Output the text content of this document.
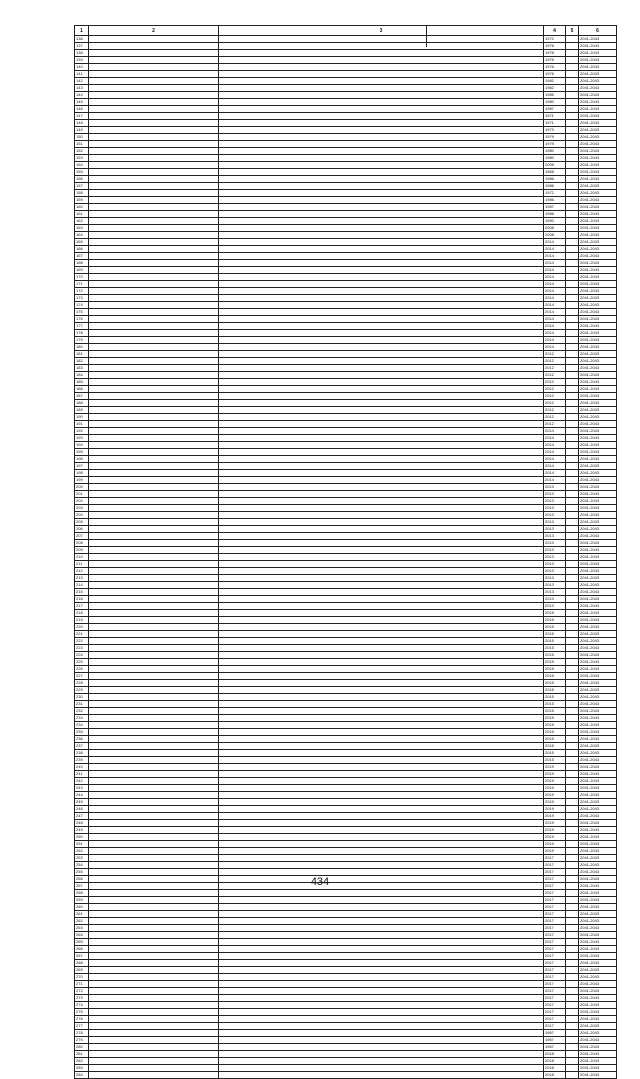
1	2	3	4	5	6
136			1972		2041-2043
137			1976		2041-2043
138			1978		2041-2043
139			1976		2041-2043
140			1976		2041-2043
141			1976		2041-2043
142			1982		2041-2043
143			1982		2041-2043
144			1985		2041-2043
145			1980		2041-2043
146			1987		2041-2043
147			1971		2041-2043
148			1971		2041-2043
149			1973		2041-2043
150			1979		2041-2043
151			1979		2041-2043
152			1980		2041-2043
153			1980		2041-2043
154			2005		2041-2043
155			1968		2041-2043
156			1986		2041-2043
157			1986		2041-2043
158			1972		2041-2043
159			1986		2041-2043
160			1987		2041-2043
161			1986		2041-2043
162			1990		2041-2043
163			2008		2041-2043
164			2008		2041-2043
165			2014		2041-2043
166			2014		2041-2043
167			2014		2041-2043
168			2014		2041-2043
169			2014		2041-2043
170			2014		2041-2043
171			2014		2041-2043
172			2014		2041-2043
173			2014		2041-2043
174			2014		2041-2043
175			2014		2041-2043
176			2014		2041-2043
177			2014		2041-2043
178			2014		2041-2043
179			2014		2041-2043
180			2014		2041-2043
181			2012		2041-2043
182			2012		2041-2043
183			2012		2041-2043
184			2012		2041-2043
185			2012		2041-2043
186			2012		2041-2043
187			2012		2041-2043
188			2012		2041-2043
189			2012		2041-2043
190			2012		2041-2043
191			2012		2041-2043
192			2014		2041-2043
193			2014		2041-2043
194			2014		2041-2043
195			2014		2041-2043
196			2014		2041-2043
197			2014		2041-2043
198			2014		2041-2043
199			2014		2041-2043
200			2013		2041-2043
201			2013		2041-2043
202			2013		2041-2043
203			2013		2041-2043
204			2013		2041-2043
205			2013		2041-2043
206			2013		2041-2043
207			2013		2041-2043
208			2013		2041-2043
209			2013		2041-2043
210			2013		2041-2043
211			2013		2041-2043
212			2013		2041-2043
213			2013		2041-2043
214			2013		2041-2043
215			2013		2041-2043
216			2013		2041-2043
217			2013		2041-2043
218			2015		2041-2043
219			2015		2041-2043
220			2015		2041-2043
221			2015		2041-2043
222			2015		2041-2043
223			2015		2041-2043
224			2015		2041-2043
225			2015		2041-2043
226			2015		2041-2043
227			2015		2041-2043
228			2015		2041-2043
229			2015		2041-2043
230			2015		2041-2043
231			2015		2041-2043
232			2015		2041-2043
233			2015		2041-2043
234			2015		2041-2043
235			2015		2041-2043
236			2015		2041-2043
237			2015		2041-2043
238			2015		2041-2043
239			2015		2041-2043
240			2019		2041-2043
241			2019		2041-2043
242			2019		2041-2043
243			2019		2041-2043
244			2019		2041-2043
245			2019		2041-2043
246			2019		2041-2043
247			2019		2041-2043
248			2019		2041-2043
249			2019		2041-2043
250			2019		2041-2043
251			2019		2041-2043
252			2019		2041-2043
253			2017		2041-2043
254			2017		2041-2043
255			2017		2041-2043
256			2017		2041-2043
257			2017		2041-2043
258			2017		2041-2043
259			2017		2041-2043
260			2017		2041-2043
261			2017		2041-2043
262			2017		2041-2043
263			2017		2041-2043
264			2017		2041-2043
265			2017		2041-2043
266			2017		2041-2043
267			2017		2041-2043
268			2017		2041-2043
269			2017		2041-2043
270			2017		2041-2043
271			2017		2041-2043
272			2017		2041-2043
273			2017		2041-2043
274			2017		2041-2043
275			2017		2041-2043
276			2017		2041-2043
277			2017		2041-2043
278			1967		2041-2043
279			1967		2041-2043
280			1967		2041-2043
281			2018		2041-2043
282			2018		2041-2043
283			2018		2041-2043
284			2018		2041-2043
434
